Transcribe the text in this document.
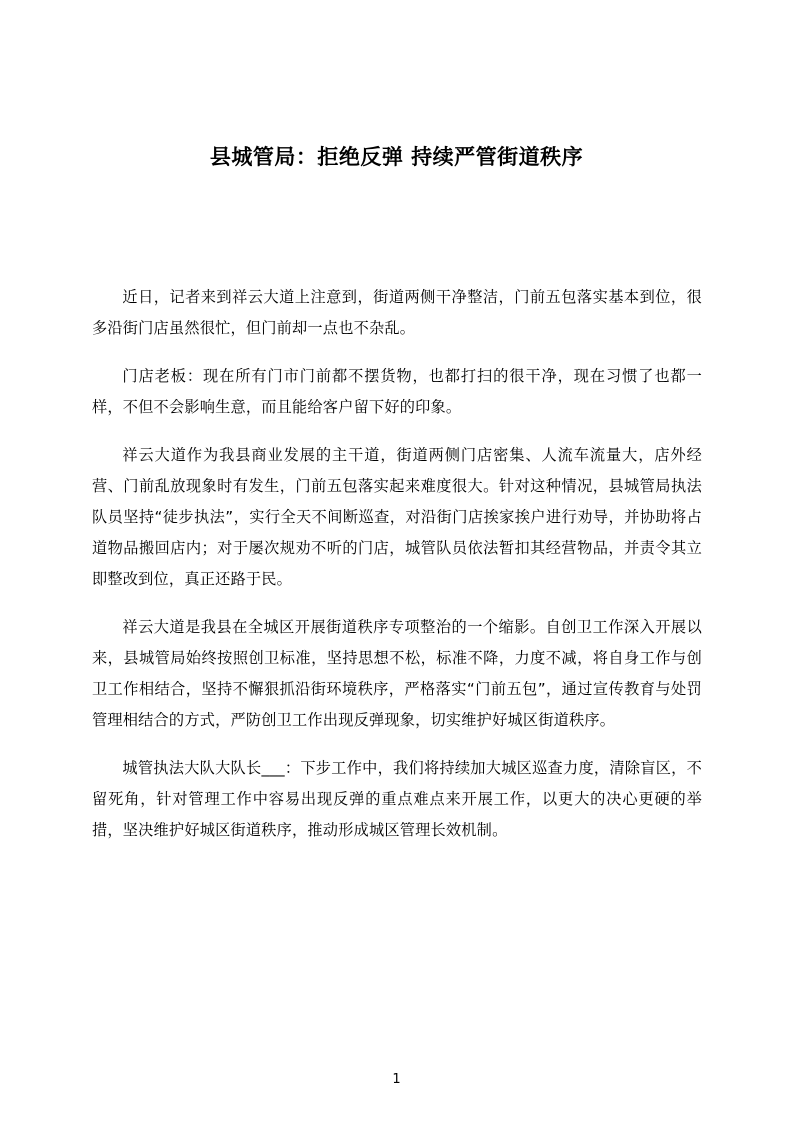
县城管局：拒绝反弹 持续严管街道秩序

近日，记者来到祥云大道上注意到，街道两侧干净整洁，门前五包落实基本到位，很多沿街门店虽然很忙，但门前却一点也不杂乱。

门店老板：现在所有门市门前都不摆货物，也都打扫的很干净，现在习惯了也都一样，不但不会影响生意，而且能给客户留下好的印象。

祥云大道作为我县商业发展的主干道，街道两侧门店密集、人流车流量大，店外经营、门前乱放现象时有发生，门前五包落实起来难度很大。针对这种情况，县城管局执法队员坚持“徒步执法”，实行全天不间断巡查，对沿街门店挨家挨户进行劝导，并协助将占道物品搬回店内；对于屡次规劝不听的门店，城管队员依法暂扣其经营物品，并责令其立即整改到位，真正还路于民。

祥云大道是我县在全城区开展街道秩序专项整治的一个缩影。自创卫工作深入开展以来，县城管局始终按照创卫标准，坚持思想不松，标准不降，力度不减，将自身工作与创卫工作相结合，坚持不懈狠抓沿街环境秩序，严格落实“门前五包”，通过宣传教育与处罚管理相结合的方式，严防创卫工作出现反弹现象，切实维护好城区街道秩序。

城管执法大队大队长___：下步工作中，我们将持续加大城区巡查力度，清除盲区，不留死角，针对管理工作中容易出现反弹的重点难点来开展工作，以更大的决心更硬的举措，坚决维护好城区街道秩序，推动形成城区管理长效机制。

1
